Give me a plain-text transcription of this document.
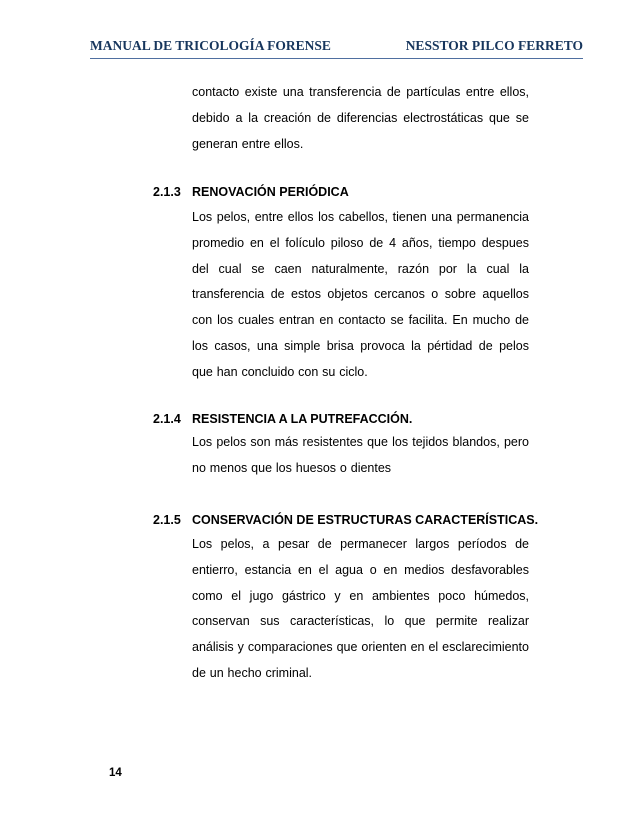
MANUAL DE TRICOLOGÍA FORENSE	NESSTOR PILCO FERRETO

contacto existe una transferencia de partículas entre ellos, debido a la creación de diferencias electrostáticas que se generan entre ellos.

2.1.3 RENOVACIÓN PERIÓDICA

Los pelos, entre ellos los cabellos, tienen una permanencia promedio en el folículo piloso de 4 años, tiempo despues del cual se caen naturalmente, razón por la cual la transferencia de estos objetos cercanos o sobre aquellos con los cuales entran en contacto se facilita. En mucho de los casos, una simple brisa provoca la pértidad de pelos que han concluido con su ciclo.

2.1.4 RESISTENCIA A LA PUTREFACCIÓN.

Los pelos son más resistentes que los tejidos blandos, pero no menos que los huesos o dientes

2.1.5 CONSERVACIÓN DE ESTRUCTURAS CARACTERÍSTICAS.

Los pelos, a pesar de permanecer largos períodos de entierro, estancia en el agua o en medios desfavorables como el jugo gástrico y en ambientes poco húmedos, conservan sus características, lo que permite realizar análisis y comparaciones que orienten en el esclarecimiento de un hecho criminal.

14
